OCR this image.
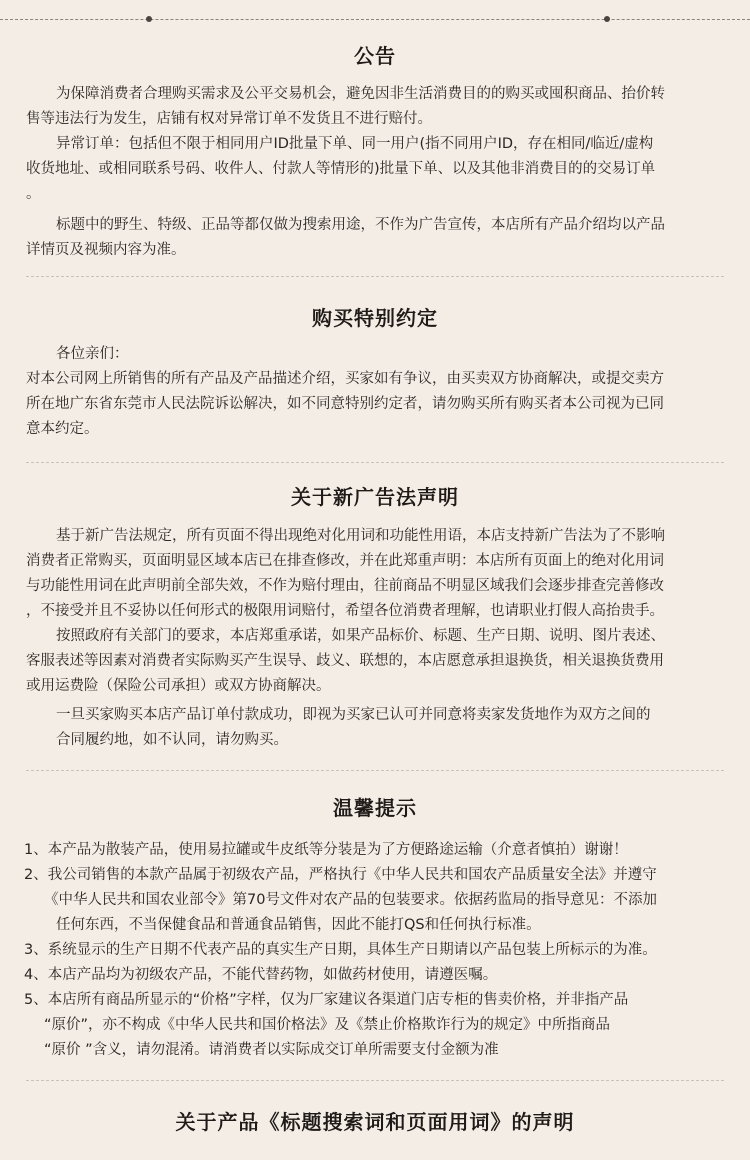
公告

为保障消费者合理购买需求及公平交易机会，避免因非生活消费目的的购买或囤积商品、抬价转

售等违法行为发生，店铺有权对异常订单不发货且不进行赔付。

异常订单：包括但不限于相同用户ID批量下单、同一用户(指不同用户ID，存在相同/临近/虚构

收货地址、或相同联系号码、收件人、付款人等情形的)批量下单、以及其他非消费目的的交易订单

。

标题中的野生、特级、正品等都仅做为搜索用途，不作为广告宣传，本店所有产品介绍均以产品

详情页及视频内容为准。

购买特别约定

各位亲们：

对本公司网上所销售的所有产品及产品描述介绍，买家如有争议，由买卖双方协商解决，或提交卖方

所在地广东省东莞市人民法院诉讼解决，如不同意特别约定者，请勿购买所有购买者本公司视为已同

意本约定。

关于新广告法声明

基于新广告法规定，所有页面不得出现绝对化用词和功能性用语，本店支持新广告法为了不影响

消费者正常购买，页面明显区域本店已在排查修改，并在此郑重声明：本店所有页面上的绝对化用词

与功能性用词在此声明前全部失效，不作为赔付理由，往前商品不明显区域我们会逐步排查完善修改

，不接受并且不妥协以任何形式的极限用词赔付，希望各位消费者理解，也请职业打假人高抬贵手。

按照政府有关部门的要求，本店郑重承诺，如果产品标价、标题、生产日期、说明、图片表述、

客服表述等因素对消费者实际购买产生误导、歧义、联想的，本店愿意承担退换货，相关退换货费用

或用运费险（保险公司承担）或双方协商解决。

一旦买家购买本店产品订单付款成功，即视为买家已认可并同意将卖家发货地作为双方之间的

合同履约地，如不认同，请勿购买。

温馨提示

1、本产品为散装产品，使用易拉罐或牛皮纸等分装是为了方便路途运输（介意者慎拍）谢谢！

2、我公司销售的本款产品属于初级农产品，严格执行《中华人民共和国农产品质量安全法》并遵守

《中华人民共和国农业部令》第70号文件对农产品的包装要求。依据药监局的指导意见：不添加

任何东西，不当保健食品和普通食品销售，因此不能打QS和任何执行标准。

3、系统显示的生产日期不代表产品的真实生产日期，具体生产日期请以产品包装上所标示的为准。

4、本店产品均为初级农产品，不能代替药物，如做药材使用，请遵医嘱。

5、本店所有商品所显示的“价格”字样，仅为厂家建议各渠道门店专柜的售卖价格，并非指产品

“原价”，亦不构成《中华人民共和国价格法》及《禁止价格欺诈行为的规定》中所指商品

“原价 ”含义，请勿混淆。请消费者以实际成交订单所需要支付金额为准

关于产品《标题搜索词和页面用词》的声明
